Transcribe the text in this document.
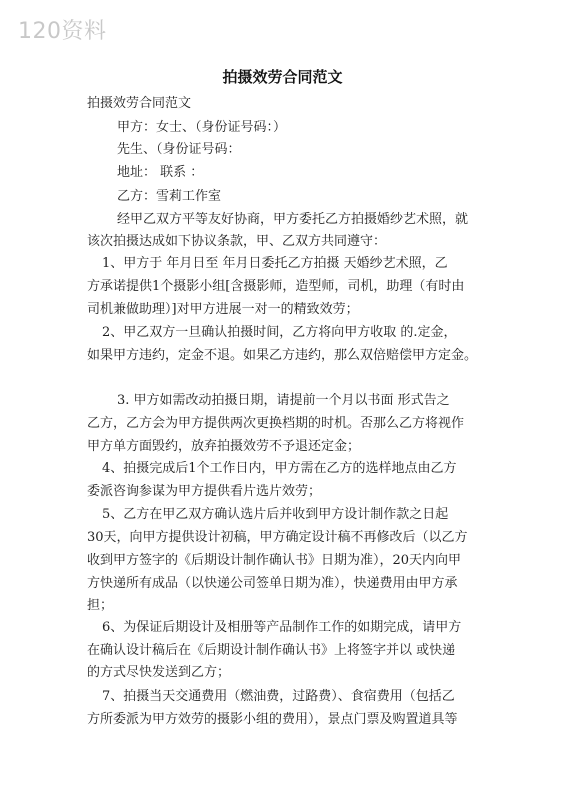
120资料
拍摄效劳合同范文
拍摄效劳合同范文
甲方：女士、（身份证号码：）
先生、（身份证号码：
地址： 联系 ：
乙方：雪莉工作室
经甲乙双方平等友好协商，甲方委托乙方拍摄婚纱艺术照，就
该次拍摄达成如下协议条款，甲、乙双方共同遵守：
1、甲方于 年月日至 年月日委托乙方拍摄 天婚纱艺术照，乙
方承诺提供1个摄影小组[含摄影师，造型师，司机，助理（有时由
司机兼做助理）]对甲方进展一对一的精致效劳；
2、甲乙双方一旦确认拍摄时间，乙方将向甲方收取 的.定金，
如果甲方违约，定金不退。如果乙方违约，那么双倍赔偿甲方定金。
3. 甲方如需改动拍摄日期，请提前一个月以书面 形式告之
乙方，乙方会为甲方提供两次更换档期的时机。否那么乙方将视作
甲方单方面毁约，放弃拍摄效劳不予退还定金；
4、拍摄完成后1个工作日内，甲方需在乙方的选样地点由乙方
委派咨询参谋为甲方提供看片选片效劳；
5、乙方在甲乙双方确认选片后并收到甲方设计制作款之日起
30天，向甲方提供设计初稿，甲方确定设计稿不再修改后（以乙方
收到甲方签字的《后期设计制作确认书》日期为准），20天内向甲
方快递所有成品（以快递公司签单日期为准），快递费用由甲方承
担；
6、为保证后期设计及相册等产品制作工作的如期完成，请甲方
在确认设计稿后在《后期设计制作确认书》上将签字并以 或快递
的方式尽快发送到乙方；
7、拍摄当天交通费用（燃油费，过路费）、食宿费用（包括乙
方所委派为甲方效劳的摄影小组的费用），景点门票及购置道具等
